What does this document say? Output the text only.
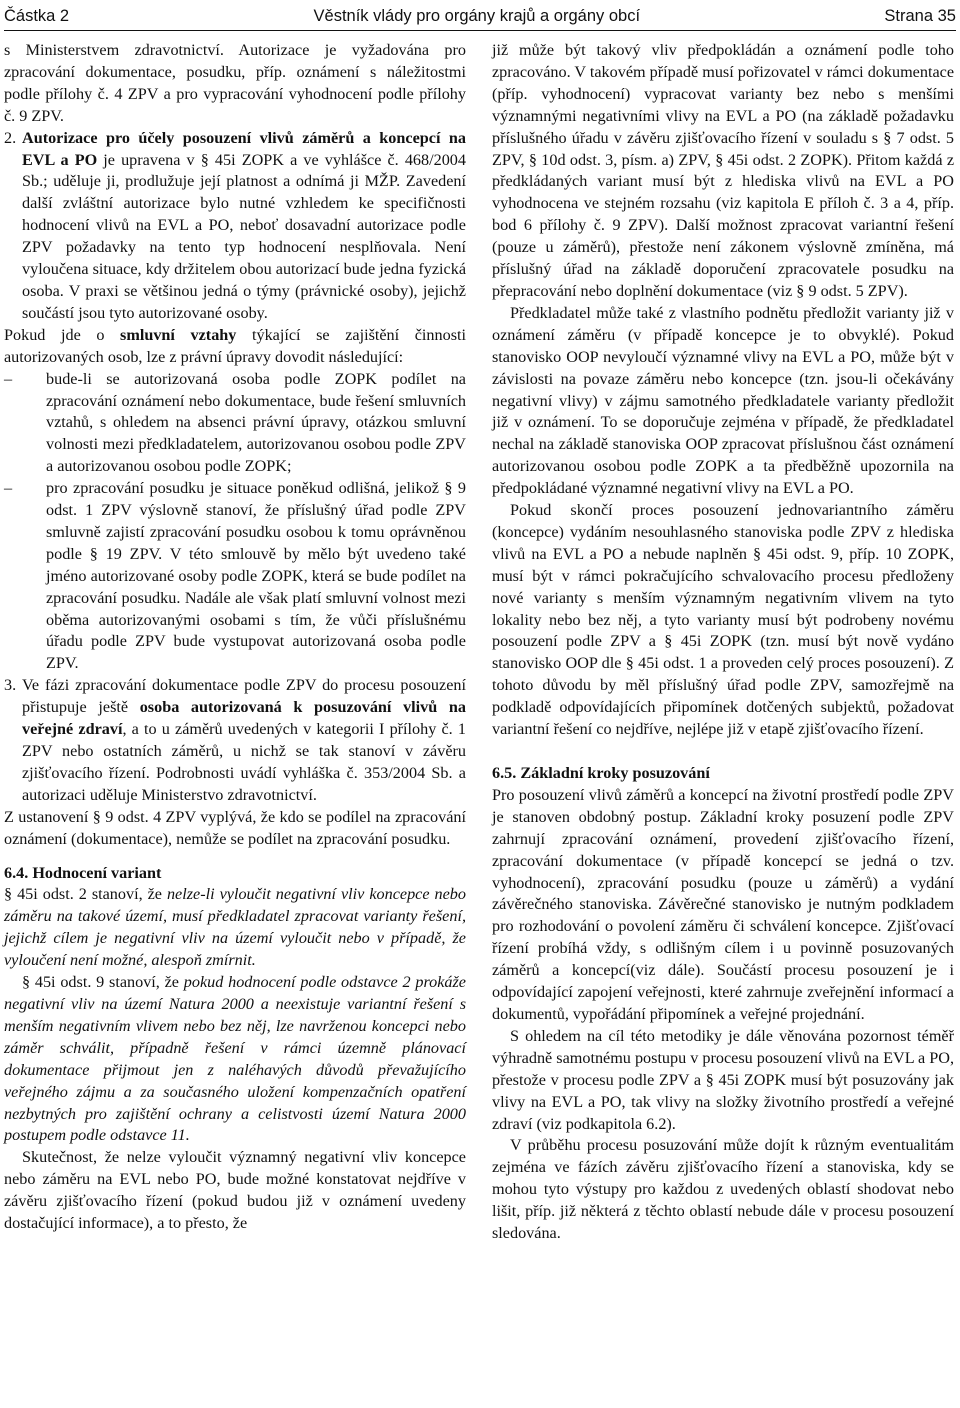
Částka 2	Věstník vlády pro orgány krajů a orgány obcí	Strana 35

s Ministerstvem zdravotnictví. Autorizace je vyžadována pro zpracování dokumentace, posudku, příp. oznámení s náležitostmi podle přílohy č. 4 ZPV a pro vypracování vyhodnocení podle přílohy č. 9 ZPV.

2. Autorizace pro účely posouzení vlivů záměrů a koncepcí na EVL a PO je upravena v § 45i ZOPK a ve vyhlášce č. 468/2004 Sb.; uděluje ji, prodlužuje její platnost a odnímá ji MŽP. Zavedení další zvláštní autorizace bylo nutné vzhledem ke specifičnosti hodnocení vlivů na EVL a PO, neboť dosavadní autorizace podle ZPV požadavky na tento typ hodnocení nesplňovala. Není vyloučena situace, kdy držitelem obou autorizací bude jedna fyzická osoba. V praxi se většinou jedná o týmy (právnické osoby), jejichž součástí jsou tyto autorizované osoby.

Pokud jde o smluvní vztahy týkající se zajištění činnosti autorizovaných osob, lze z právní úpravy dovodit následující:

–	bude-li se autorizovaná osoba podle ZOPK podílet na zpracování oznámení nebo dokumentace, bude řešení smluvních vztahů, s ohledem na absenci právní úpravy, otázkou smluvní volnosti mezi předkladatelem, autorizovanou osobou podle ZPV a autorizovanou osobou podle ZOPK;

–	pro zpracování posudku je situace poněkud odlišná, jelikož § 9 odst. 1 ZPV výslovně stanoví, že příslušný úřad podle ZPV smluvně zajistí zpracování posudku osobou k tomu oprávněnou podle § 19 ZPV. V této smlouvě by mělo být uvedeno také jméno autorizované osoby podle ZOPK, která se bude podílet na zpracování posudku. Nadále ale však platí smluvní volnost mezi oběma autorizovanými osobami s tím, že vůči příslušnému úřadu podle ZPV bude vystupovat autorizovaná osoba podle ZPV.

3. Ve fázi zpracování dokumentace podle ZPV do procesu posouzení přistupuje ještě osoba autorizovaná k posuzování vlivů na veřejné zdraví, a to u záměrů uvedených v kategorii I přílohy č. 1 ZPV nebo ostatních záměrů, u nichž se tak stanoví v závěru zjišťovacího řízení. Podrobnosti uvádí vyhláška č. 353/2004 Sb. a autorizaci uděluje Ministerstvo zdravotnictví.

Z ustanovení § 9 odst. 4 ZPV vyplývá, že kdo se podílel na zpracování oznámení (dokumentace), nemůže se podílet na zpracování posudku.

6.4. Hodnocení variant

§ 45i odst. 2 stanoví, že nelze-li vyloučit negativní vliv koncepce nebo záměru na takové území, musí předkladatel zpracovat varianty řešení, jejichž cílem je negativní vliv na území vyloučit nebo v případě, že vyloučení není možné, alespoň zmírnit.

§ 45i odst. 9 stanoví, že pokud hodnocení podle odstavce 2 prokáže negativní vliv na území Natura 2000 a neexistuje variantní řešení s menším negativním vlivem nebo bez něj, lze navrženou koncepci nebo záměr schválit, případně řešení v rámci územně plánovací dokumentace přijmout jen z naléhavých důvodů převažujícího veřejného zájmu a za současného uložení kompenzačních opatření nezbytných pro zajištění ochrany a celistvosti území Natura 2000 postupem podle odstavce 11.

Skutečnost, že nelze vyloučit významný negativní vliv koncepce nebo záměru na EVL nebo PO, bude možné konstatovat nejdříve v závěru zjišťovacího řízení (pokud budou již v oznámení uvedeny dostačující informace), a to přesto, že

již může být takový vliv předpokládán a oznámení podle toho zpracováno. V takovém případě musí pořizovatel v rámci dokumentace (příp. vyhodnocení) vypracovat varianty bez nebo s menšími významnými negativními vlivy na EVL a PO (na základě požadavku příslušného úřadu v závěru zjišťovacího řízení v souladu s § 7 odst. 5 ZPV, § 10d odst. 3, písm. a) ZPV, § 45i odst. 2 ZOPK). Přitom každá z předkládaných variant musí být z hlediska vlivů na EVL a PO vyhodnocena ve stejném rozsahu (viz kapitola E příloh č. 3 a 4, příp. bod 6 přílohy č. 9 ZPV). Další možnost zpracovat variantní řešení (pouze u záměrů), přestože není zákonem výslovně zmíněna, má příslušný úřad na základě doporučení zpracovatele posudku na přepracování nebo doplnění dokumentace (viz § 9 odst. 5 ZPV).

Předkladatel může také z vlastního podnětu předložit varianty již v oznámení záměru (v případě koncepce je to obvyklé). Pokud stanovisko OOP nevyloučí významné vlivy na EVL a PO, může být v závislosti na povaze záměru nebo koncepce (tzn. jsou-li očekávány negativní vlivy) v zájmu samotného předkladatele varianty předložit již v oznámení. To se doporučuje zejména v případě, že předkladatel nechal na základě stanoviska OOP zpracovat příslušnou část oznámení autorizovanou osobou podle ZOPK a ta předběžně upozornila na předpokládané významné negativní vlivy na EVL a PO.

Pokud skončí proces posouzení jednovariantního záměru (koncepce) vydáním nesouhlasného stanoviska podle ZPV z hlediska vlivů na EVL a PO a nebude naplněn § 45i odst. 9, příp. 10 ZOPK, musí být v rámci pokračujícího schvalovacího procesu předloženy nové varianty s menším významným negativním vlivem na tyto lokality nebo bez něj, a tyto varianty musí být podrobeny novému posouzení podle ZPV a § 45i ZOPK (tzn. musí být nově vydáno stanovisko OOP dle § 45i odst. 1 a proveden celý proces posouzení). Z tohoto důvodu by měl příslušný úřad podle ZPV, samozřejmě na podkladě odpovídajících připomínek dotčených subjektů, požadovat variantní řešení co nejdříve, nejlépe již v etapě zjišťovacího řízení.

6.5. Základní kroky posuzování

Pro posouzení vlivů záměrů a koncepcí na životní prostředí podle ZPV je stanoven obdobný postup. Základní kroky posuzení podle ZPV zahrnují zpracování oznámení, provedení zjišťovacího řízení, zpracování dokumentace (v případě koncepcí se jedná o tzv. vyhodnocení), zpracování posudku (pouze u záměrů) a vydání závěrečného stanoviska. Závěrečné stanovisko je nutným podkladem pro rozhodování o povolení záměru či schválení koncepce. Zjišťovací řízení probíhá vždy, s odlišným cílem i u povinně posuzovaných záměrů a koncepcí(viz dále). Součástí procesu posouzení je i odpovídající zapojení veřejnosti, které zahrnuje zveřejnění informací a dokumentů, vypořádání připomínek a veřejné projednání.

S ohledem na cíl této metodiky je dále věnována pozornost téměř výhradně samotnému postupu v procesu posouzení vlivů na EVL a PO, přestože v procesu podle ZPV a § 45i ZOPK musí být posuzovány jak vlivy na EVL a PO, tak vlivy na složky životního prostředí a veřejné zdraví (viz podkapitola 6.2).

V průběhu procesu posuzování může dojít k různým eventualitám zejména ve fázích závěru zjišťovacího řízení a stanoviska, kdy se mohou tyto výstupy pro každou z uvedených oblastí shodovat nebo lišit, příp. již některá z těchto oblastí nebude dále v procesu posouzení sledována.
